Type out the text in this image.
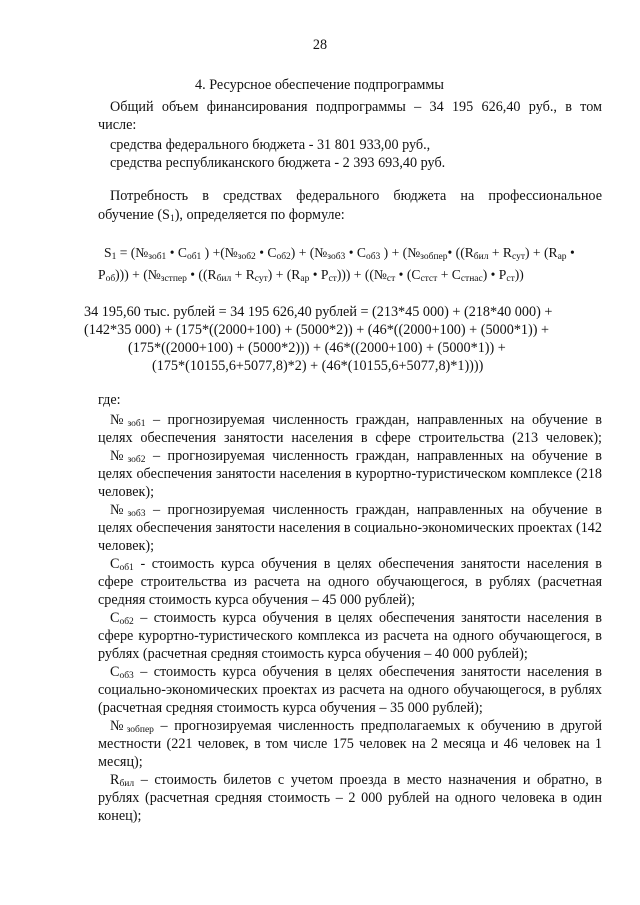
28
4. Ресурсное обеспечение подпрограммы
Общий объем финансирования подпрограммы – 34 195 626,40 руб., в том
числе:
средства федерального бюджета - 31 801 933,00 руб.,
средства республиканского бюджета - 2 393 693,40 руб.
Потребность в средствах федерального бюджета на профессиональное
обучение $(S_1)$, определяется по формуле:
$S_1$ = ($№_{зоб1}$ • $C_{об1}$ ) $+(№_{зоб2}$ • $C_{об2}$) + ($№_{зоб3}$ • $C_{об3}$ ) + ($№_{зобпер}•$ ($(R_{бил} + R_{сут}) + (R_{ар}$ •
$P_{об}$))) + ($№_{зстпер}$ • ($(R_{бил} + R_{сут}) + (R_{ар}$ • $P_{ст}$))) + (($№_{ст}$ • $(C_{стст} + C_{стнас})$ • $P_{ст}$))
34 195,60 тыс. рублей = 34 195 626,40 рублей = (213*45 000) + (218*40 000) +
(142*35 000) + (175*((2000+100) + (5000*2)) + (46*((2000+100) + (5000*1)) +
(175*((2000+100) + (5000*2))) + (46*((2000+100) + (5000*1)) +
(175*(10155,6+5077,8)*2) + (46*(10155,6+5077,8)*1))))
где:
$№_{зоб1}$ – прогнозируемая численность граждан, направленных на обучение в
целях обеспечения занятости населения в сфере строительства (213 человек);
$№_{зоб2}$ – прогнозируемая численность граждан, направленных на обучение в
целях обеспечения занятости населения в курортно-туристическом комплексе (218
человек);
$№_{зоб3}$ – прогнозируемая численность граждан, направленных на обучение в
целях обеспечения занятости населения в социально-экономических проектах (142
человек);
$C_{об1}$ - стоимость курса обучения в целях обеспечения занятости населения в
сфере строительства из расчета на одного обучающегося, в рублях (расчетная
средняя стоимость курса обучения – 45 000 рублей);
$C_{об2}$ – стоимость курса обучения в целях обеспечения занятости населения в
сфере курортно-туристического комплекса из расчета на одного обучающегося, в
рублях (расчетная средняя стоимость курса обучения – 40 000 рублей);
$C_{об3}$ – стоимость курса обучения в целях обеспечения занятости населения в
социально-экономических проектах из расчета на одного обучающегося, в рублях
(расчетная средняя стоимость курса обучения – 35 000 рублей);
$№_{зобпер}$ – прогнозируемая численность предполагаемых к обучению в другой
местности (221 человек, в том числе 175 человек на 2 месяца и 46 человек на 1
месяц);
$R_{бил}$ – стоимость билетов с учетом проезда в место назначения и обратно, в
рублях (расчетная средняя стоимость – 2 000 рублей на одного человека в один
конец);
